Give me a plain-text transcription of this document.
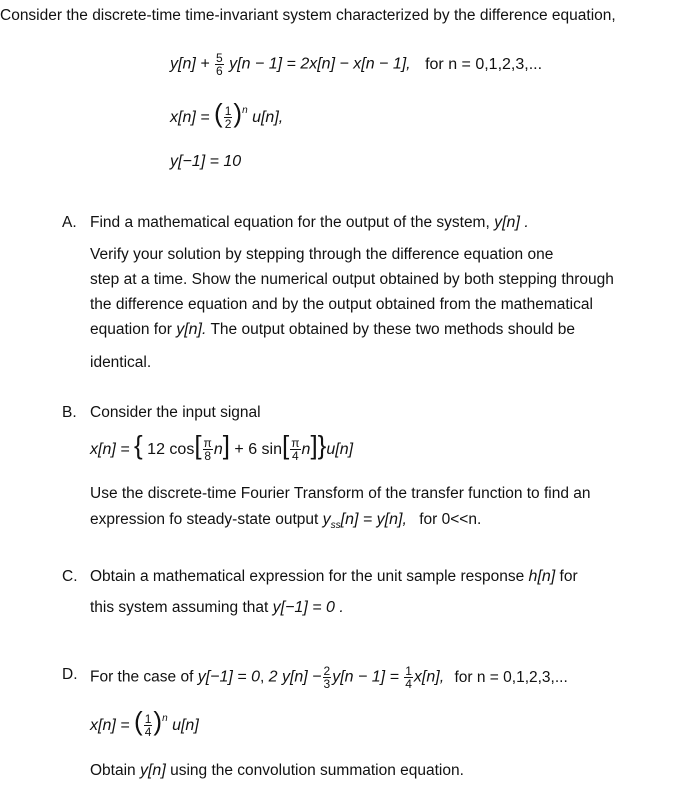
Consider the discrete-time time-invariant system characterized by the difference equation,
$y[n] + \frac{5}{6} y[n - 1] = 2x[n] - x[n - 1]$, for n = 0,1,2,3,...
x[n] = ( $\frac{1}{2} )^n$ u[n],
y[−1] = 10
A. Find a mathematical equation for the output of the system, y[n] .
Verify your solution by stepping through the difference equation one
step at a time. Show the numerical output obtained by both stepping through
the difference equation and by the output obtained from the mathematical
equation for y[n]. The output obtained by these two methods should be
identical.
B. Consider the input signal
x[n] = { 12 $\cos[ \frac{\pi}{8} n] + 6$ $\sin[ \frac{\pi}{4} n]\}u[n]$
Use the discrete-time Fourier Transform of the transfer function to find an
expression fo steady-state output $y_{ss}[n] = y[n]$, for 0<<n.
C. Obtain a mathematical expression for the unit sample response h[n] for
this system assuming that y[−1] = 0 .
D. For the case of y[−1] = 0, 2 $y[n] - \frac{2}{3} y[n - 1] = \frac{1}{4} x[n]$, for n = 0,1,2,3,...
x[n] = ( $\frac{1}{4} )^n$ u[n]
Obtain y[n] using the convolution summation equation.
